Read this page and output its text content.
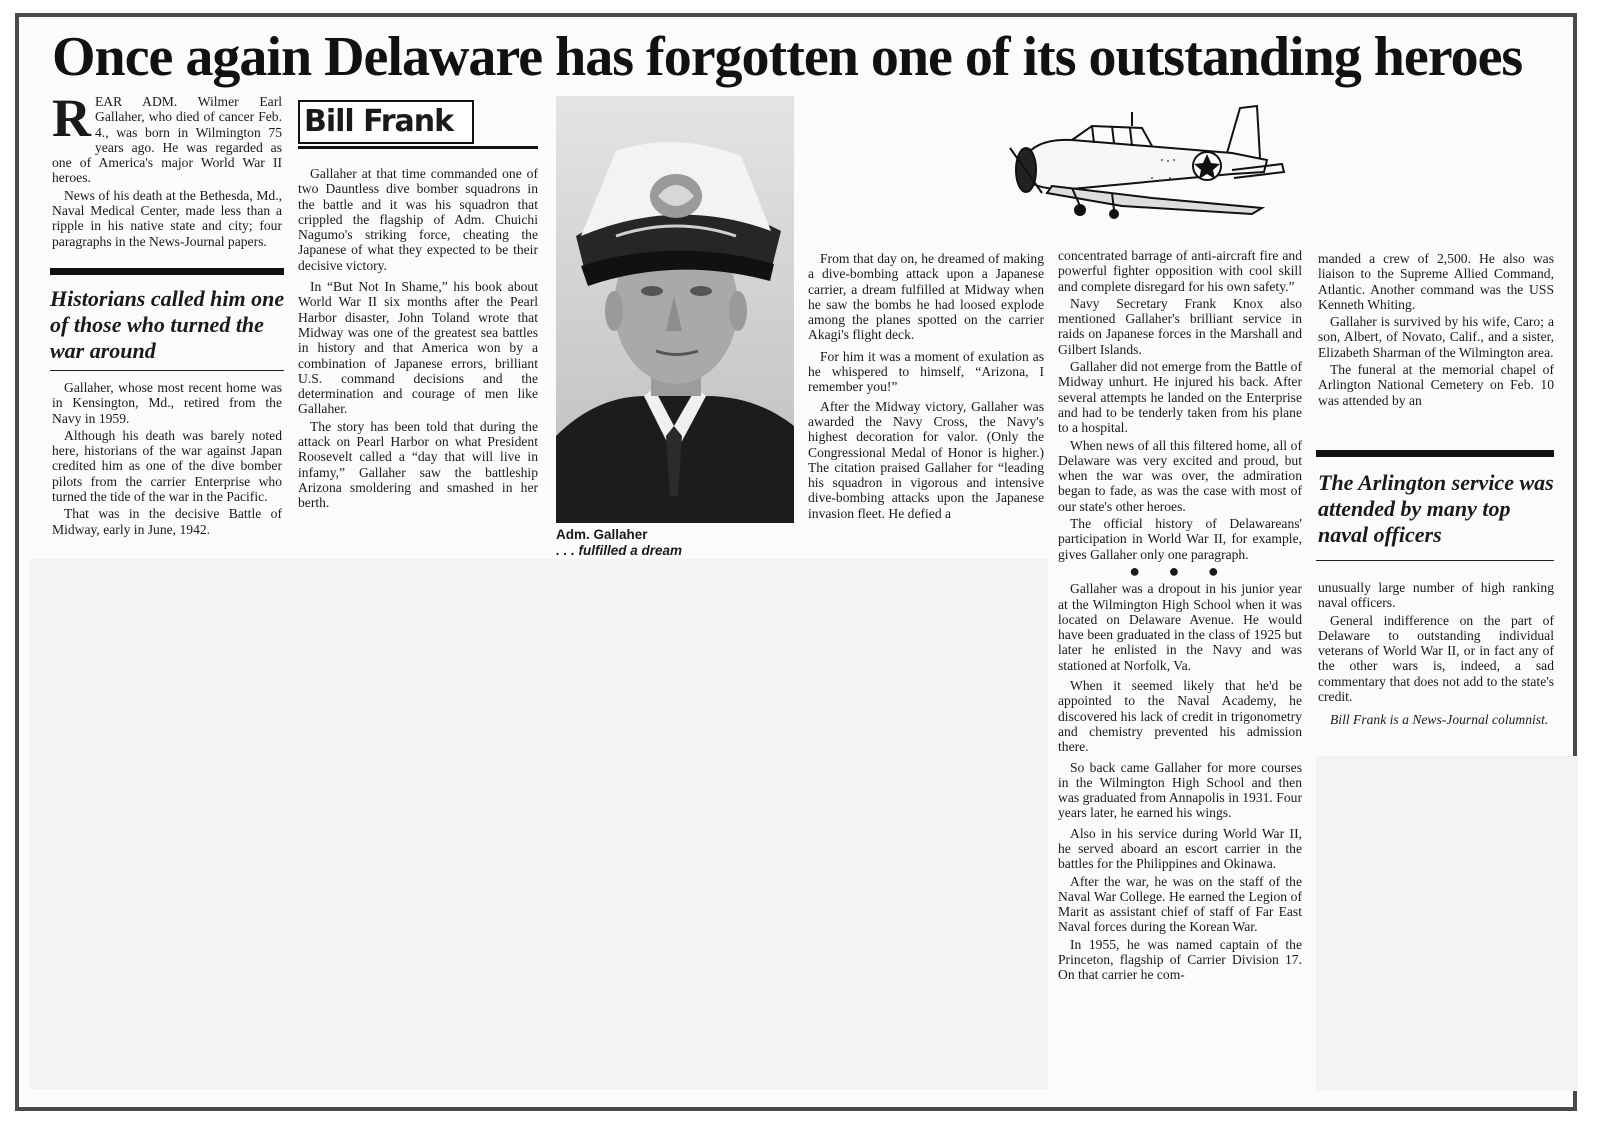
Once again Delaware has forgotten one of its outstanding heroes
R EAR ADM. Wilmer Earl Gallaher, who died of cancer Feb. 4., was born in Wilmington 75 years ago. He was regarded as one of America's major World War II heroes.

News of his death at the Bethesda, Md., Naval Medical Center, made less than a ripple in his native state and city; four paragraphs in the News-Journal papers.

Historians called him one of those who turned the war around

Gallaher, whose most recent home was in Kensington, Md., retired from the Navy in 1959.

Although his death was barely noted here, historians of the war against Japan credited him as one of the dive bomber pilots from the carrier Enterprise who turned the tide of the war in the Pacific.

That was in the decisive Battle of Midway, early in June, 1942.

Bill Frank

Gallaher at that time commanded one of two Dauntless dive bomber squadrons in the battle and it was his squadron that crippled the flagship of Adm. Chuichi Nagumo's striking force, cheating the Japanese of what they expected to be their decisive victory.

In “But Not In Shame,” his book about World War II six months after the Pearl Harbor disaster, John Toland wrote that Midway was one of the greatest sea battles in history and that America won by a combination of Japanese errors, brilliant U.S. command decisions and the determination and courage of men like Gallaher.

The story has been told that during the attack on Pearl Harbor on what President Roosevelt called a “day that will live in infamy,” Gallaher saw the battleship Arizona smoldering and smashed in her berth.

Adm. Gallaher

. . . fulfilled a dream

From that day on, he dreamed of making a dive-bombing attack upon a Japanese carrier, a dream fulfilled at Midway when he saw the bombs he had loosed explode among the planes spotted on the carrier Akagi's flight deck.

For him it was a moment of exulation as he whispered to himself, “Arizona, I remember you!”

After the Midway victory, Gallaher was awarded the Navy Cross, the Navy's highest decoration for valor. (Only the Congressional Medal of Honor is higher.) The citation praised Gallaher for “leading his squadron in vigorous and intensive dive-bombing attacks upon the Japanese invasion fleet. He defied a

concentrated barrage of anti-aircraft fire and powerful fighter opposition with cool skill and complete disregard for his own safety.”

Navy Secretary Frank Knox also mentioned Gallaher's brilliant service in raids on Japanese forces in the Marshall and Gilbert Islands.

Gallaher did not emerge from the Battle of Midway unhurt. He injured his back. After several attempts he landed on the Enterprise and had to be tenderly taken from his plane to a hospital.

When news of all this filtered home, all of Delaware was very excited and proud, but when the war was over, the admiration began to fade, as was the case with most of our state's other heroes.

The official history of Delawareans' participation in World War II, for example, gives Gallaher only one paragraph.

● ● ●

Gallaher was a dropout in his junior year at the Wilmington High School when it was located on Delaware Avenue. He would have been graduated in the class of 1925 but later he enlisted in the Navy and was stationed at Norfolk, Va.

When it seemed likely that he'd be appointed to the Naval Academy, he discovered his lack of credit in trigonometry and chemistry prevented his admission there.

So back came Gallaher for more courses in the Wilmington High School and then was graduated from Annapolis in 1931. Four years later, he earned his wings.

Also in his service during World War II, he served aboard an escort carrier in the battles for the Philippines and Okinawa.

After the war, he was on the staff of the Naval War College. He earned the Legion of Marit as assistant chief of staff of Far East Naval forces during the Korean War.

In 1955, he was named captain of the Princeton, flagship of Carrier Division 17. On that carrier he com-

manded a crew of 2,500. He also was liaison to the Supreme Allied Command, Atlantic. Another command was the USS Kenneth Whiting.

Gallaher is survived by his wife, Caro; a son, Albert, of Novato, Calif., and a sister, Elizabeth Sharman of the Wilmington area.

The funeral at the memorial chapel of Arlington National Cemetery on Feb. 10 was attended by an

The Arlington service was attended by many top naval officers

unusually large number of high ranking naval officers.

General indifference on the part of Delaware to outstanding individual veterans of World War II, or in fact any of the other wars is, indeed, a sad commentary that does not add to the state's credit.

Bill Frank is a News-Journal columnist.
